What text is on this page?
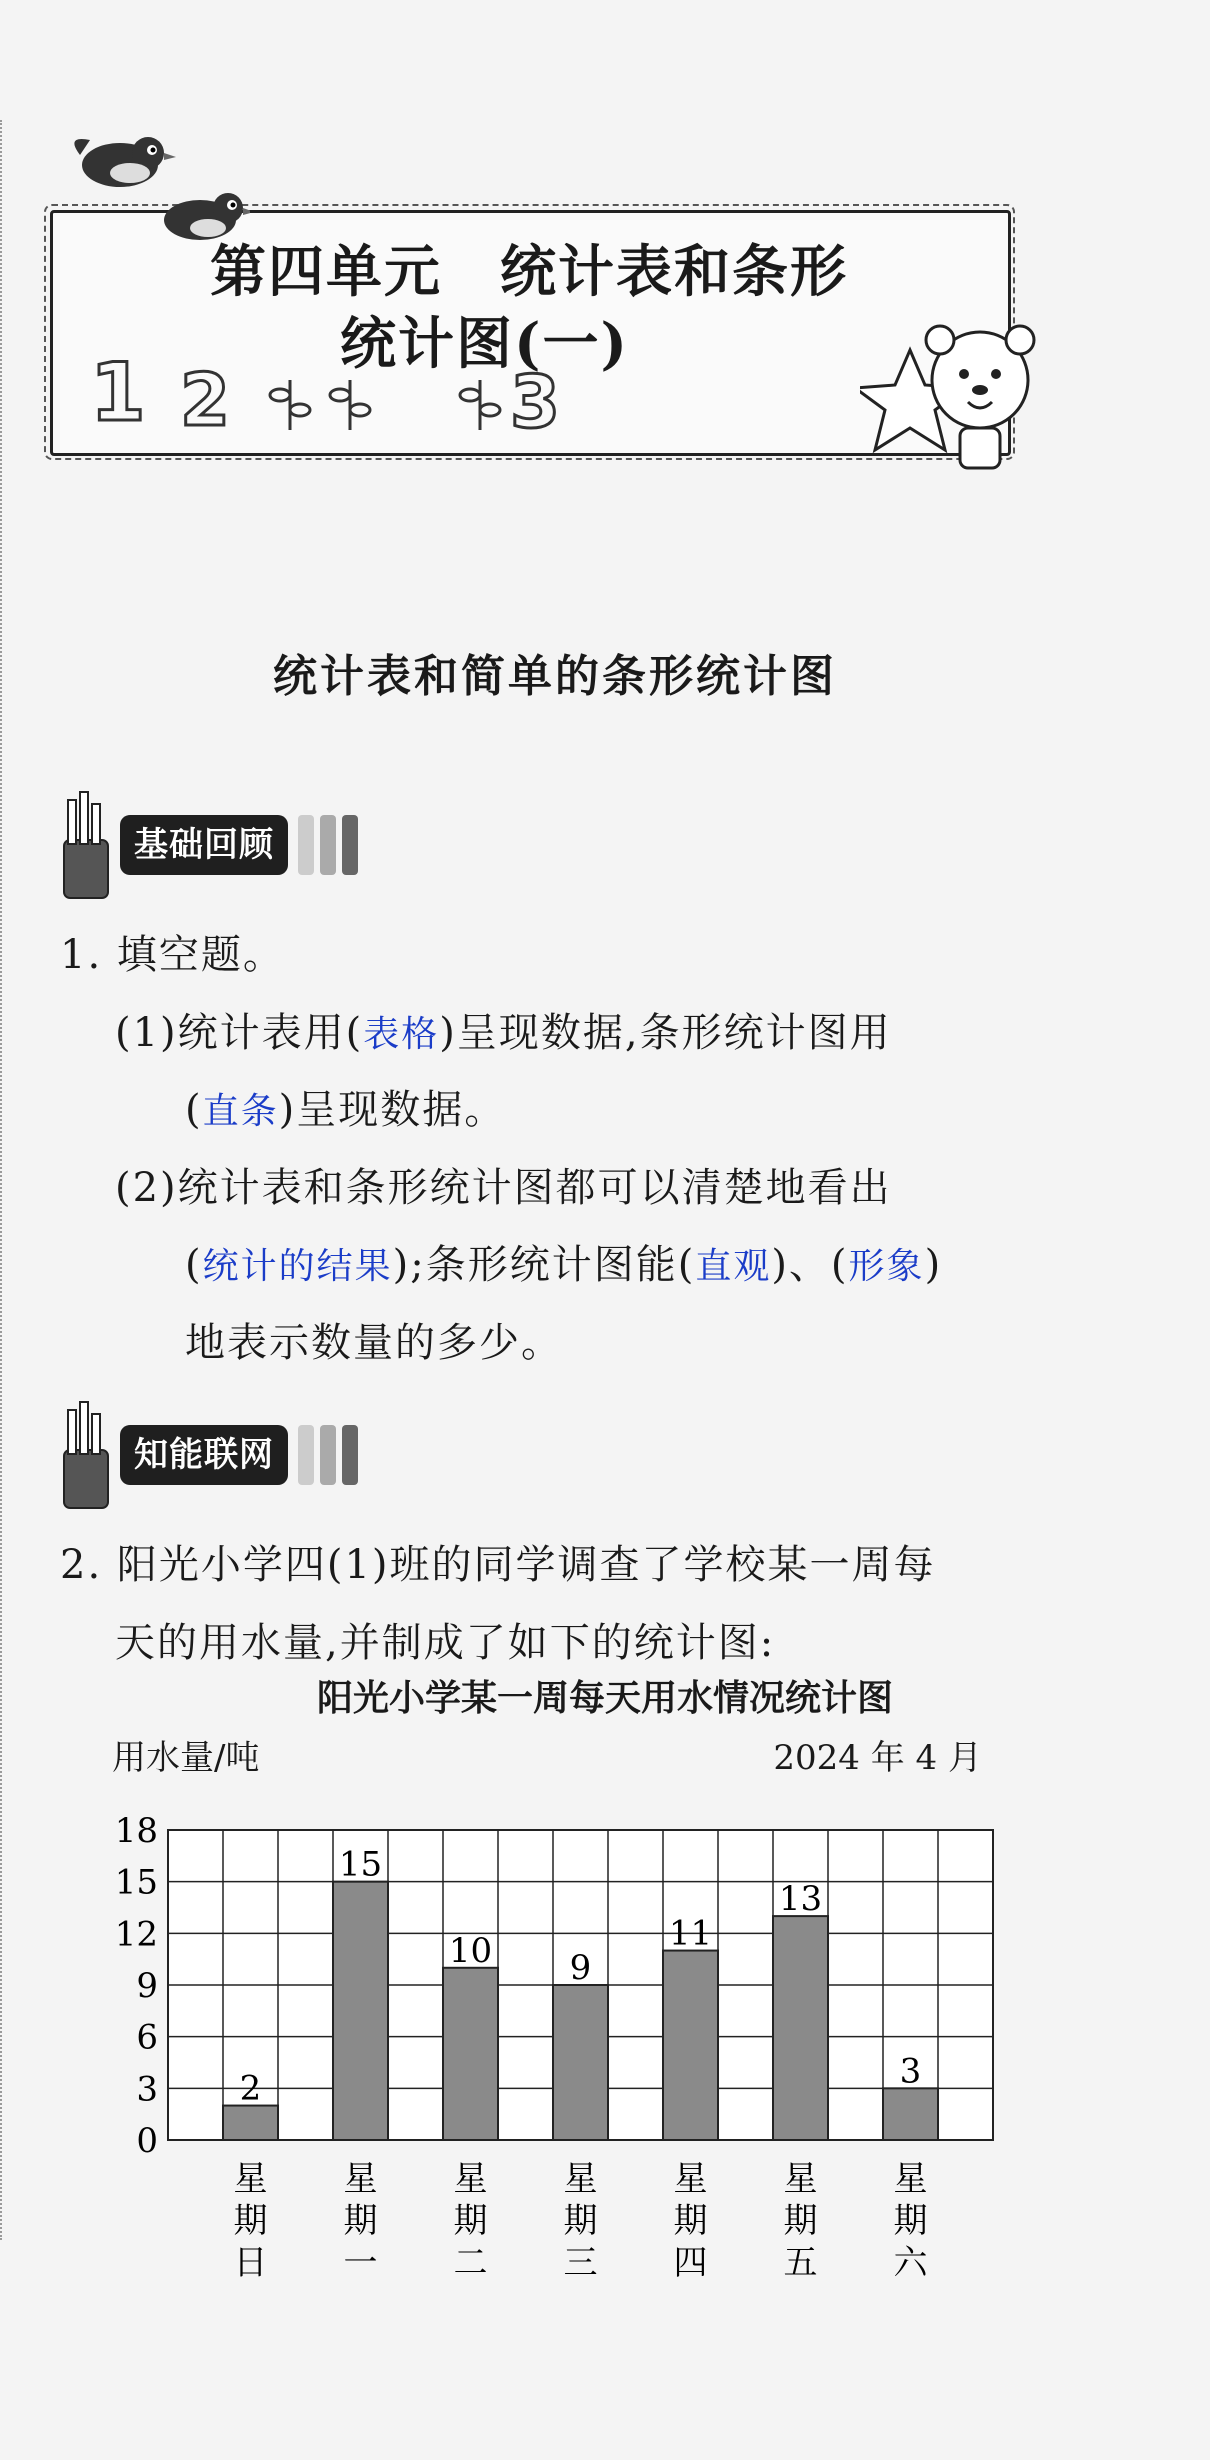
第四单元　统计表和条形
统计图(一)
1 2	3
统计表和简单的条形统计图
基础回顾
1. 填空题。
(1)统计表用(表格)呈现数据,条形统计图用
(直条)呈现数据。
(2)统计表和条形统计图都可以清楚地看出
(统计的结果);条形统计图能(直观)、(形象)
地表示数量的多少。
知能联网
2. 阳光小学四(1)班的同学调查了学校某一周每
天的用水量,并制成了如下的统计图:
阳光小学某一周每天用水情况统计图
用水量/吨	2024 年 4 月
0
3
6
9
12
15
18
2
星
期
日
15
星
期
一
10
星
期
二
9
星
期
三
11
星
期
四
13
星
期
五
3
星
期
六
